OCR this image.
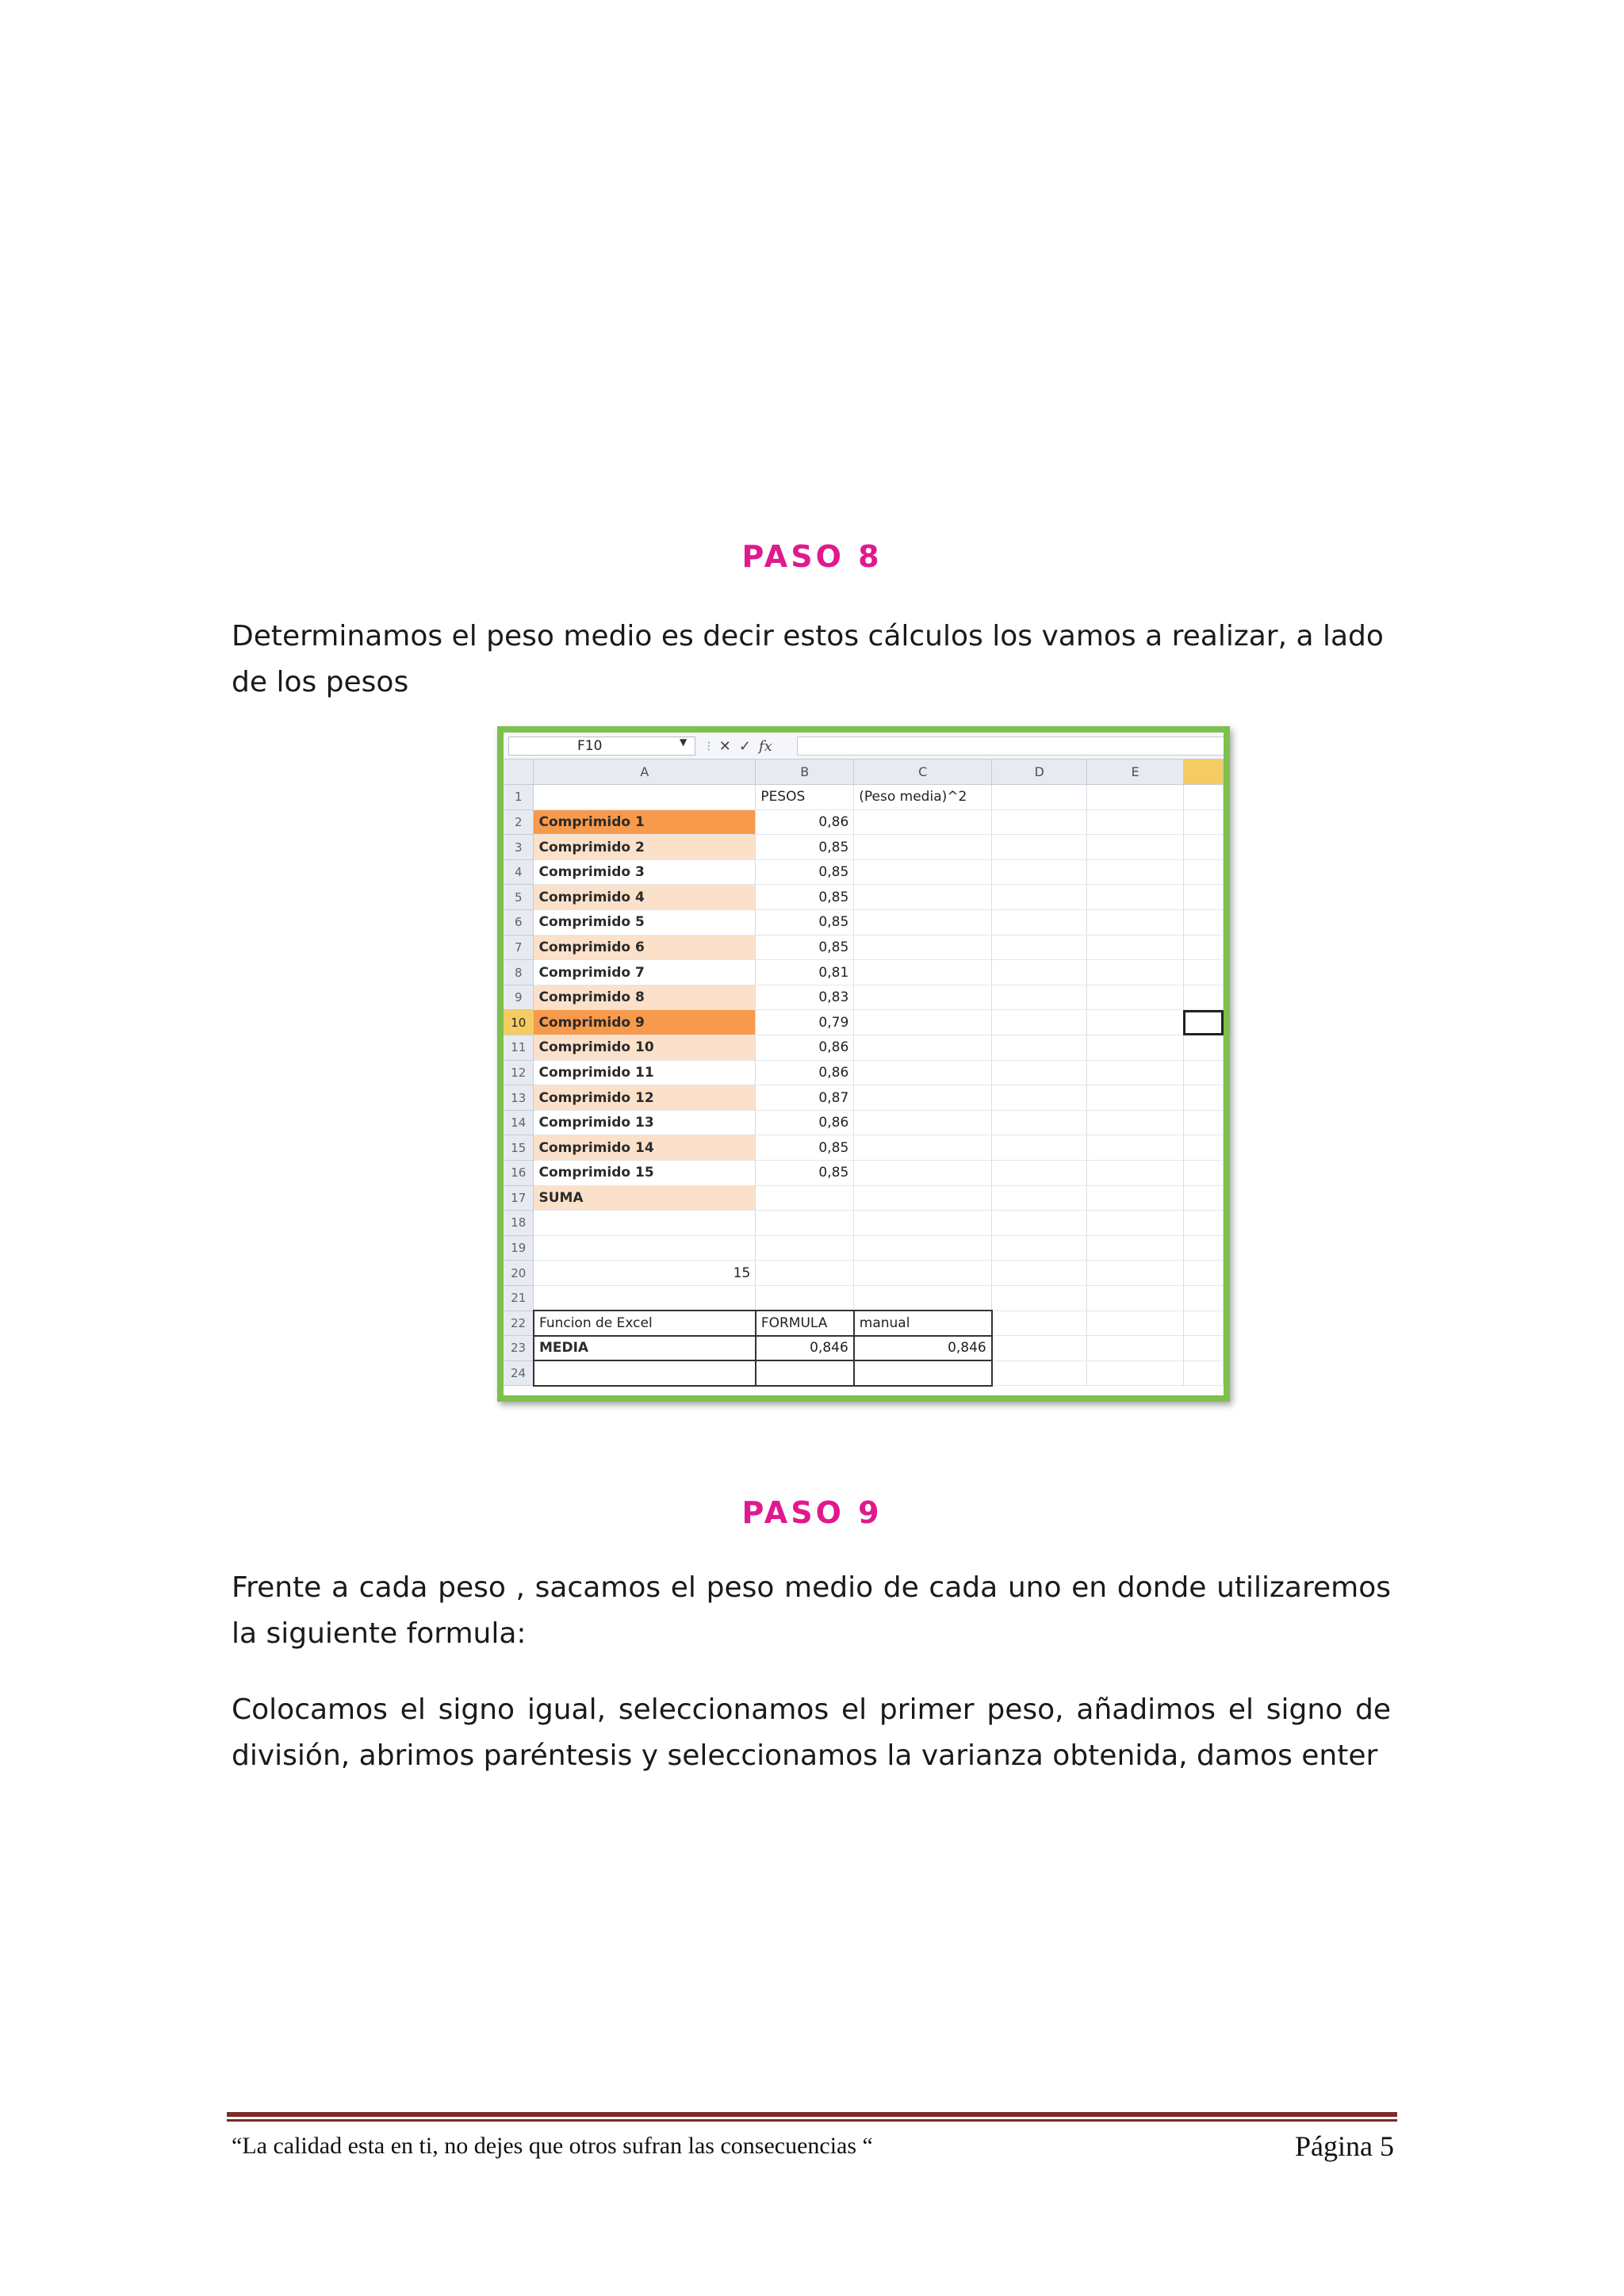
PASO 8
Determinamos el peso medio es decir estos cálculos los vamos a realizar, a lado de los pesos
F10	▼ ⁝ ✕ ✓ fx
	A	B	C	D	E	
1		PESOS	(Peso media)^2			
2	Comprimido 1	0,86				
3	Comprimido 2	0,85				
4	Comprimido 3	0,85				
5	Comprimido 4	0,85				
6	Comprimido 5	0,85				
7	Comprimido 6	0,85				
8	Comprimido 7	0,81				
9	Comprimido 8	0,83				
10	Comprimido 9	0,79				
11	Comprimido 10	0,86				
12	Comprimido 11	0,86				
13	Comprimido 12	0,87				
14	Comprimido 13	0,86				
15	Comprimido 14	0,85				
16	Comprimido 15	0,85				
17	SUMA					
18						
19						
20	15					
21						
22	Funcion de Excel	FORMULA	manual			
23	MEDIA	0,846	0,846			
24						
PASO 9
Frente a cada peso , sacamos el peso medio de cada uno en donde utilizaremos la siguiente formula:
Colocamos el signo igual, seleccionamos el primer peso, añadimos el signo de división, abrimos paréntesis y seleccionamos la varianza obtenida, damos enter
“La calidad esta en ti, no dejes que otros sufran las consecuencias “	Página 5
